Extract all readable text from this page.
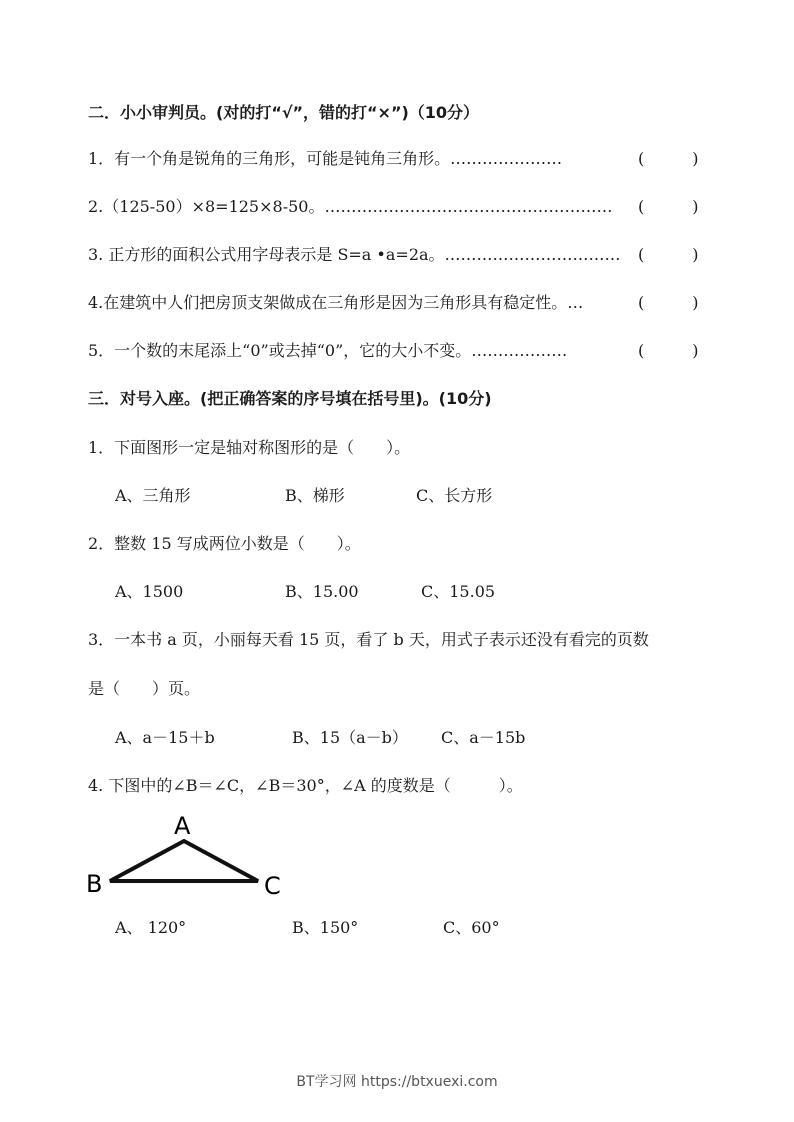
二．小小审判员。(对的打“√”，错的打“×”)（10分）
1．有一个角是锐角的三角形，可能是钝角三角形。…………………	(　　　)
2.（125-50）×8=125×8-50。……………………………………………… (　　　)
3. 正方形的面积公式用字母表示是 S=a •a=2a。…………………………… (　　　)
4.在建筑中人们把房顶支架做成在三角形是因为三角形具有稳定性。…	(　　　)
5．一个数的末尾添上“0”或去掉“0”，它的大小不变。………………	(　　　)
三．对号入座。(把正确答案的序号填在括号里)。(10分)
1．下面图形一定是轴对称图形的是（　　）。
A、三角形	B、梯形	C、长方形
2．整数 15 写成两位小数是（　　）。
A、1500	B、15.00	C、15.05
3．一本书 a 页，小丽每天看 15 页，看了 b 天，用式子表示还没有看完的页数
是（　　）页。
A、a－15＋b	B、15（a－b） C、a－15b
4. 下图中的∠B＝∠C，∠B＝30°，∠A 的度数是（　　　）。
A
B	C
A、 120°	B、150°	C、60°
BT学习网 https://btxuexi.com
